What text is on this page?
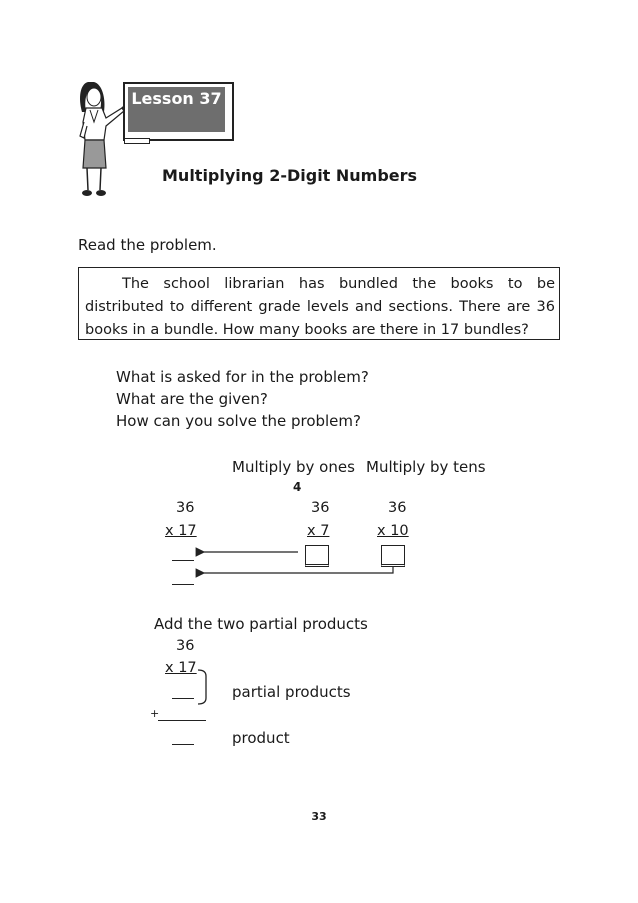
Lesson 37
Multiplying 2-Digit Numbers
Read the problem.
The school librarian has bundled the books to be distributed to different grade levels and sections. There are 36 books in a bundle. How many books are there in 17 bundles?
What is asked for in the problem?
What are the given?
How can you solve the problem?
Multiply by ones Multiply by tens
4
36
x 17
36
x 7
36
x 10
Add the two partial products
36
x 17
+
partial products
product
33
